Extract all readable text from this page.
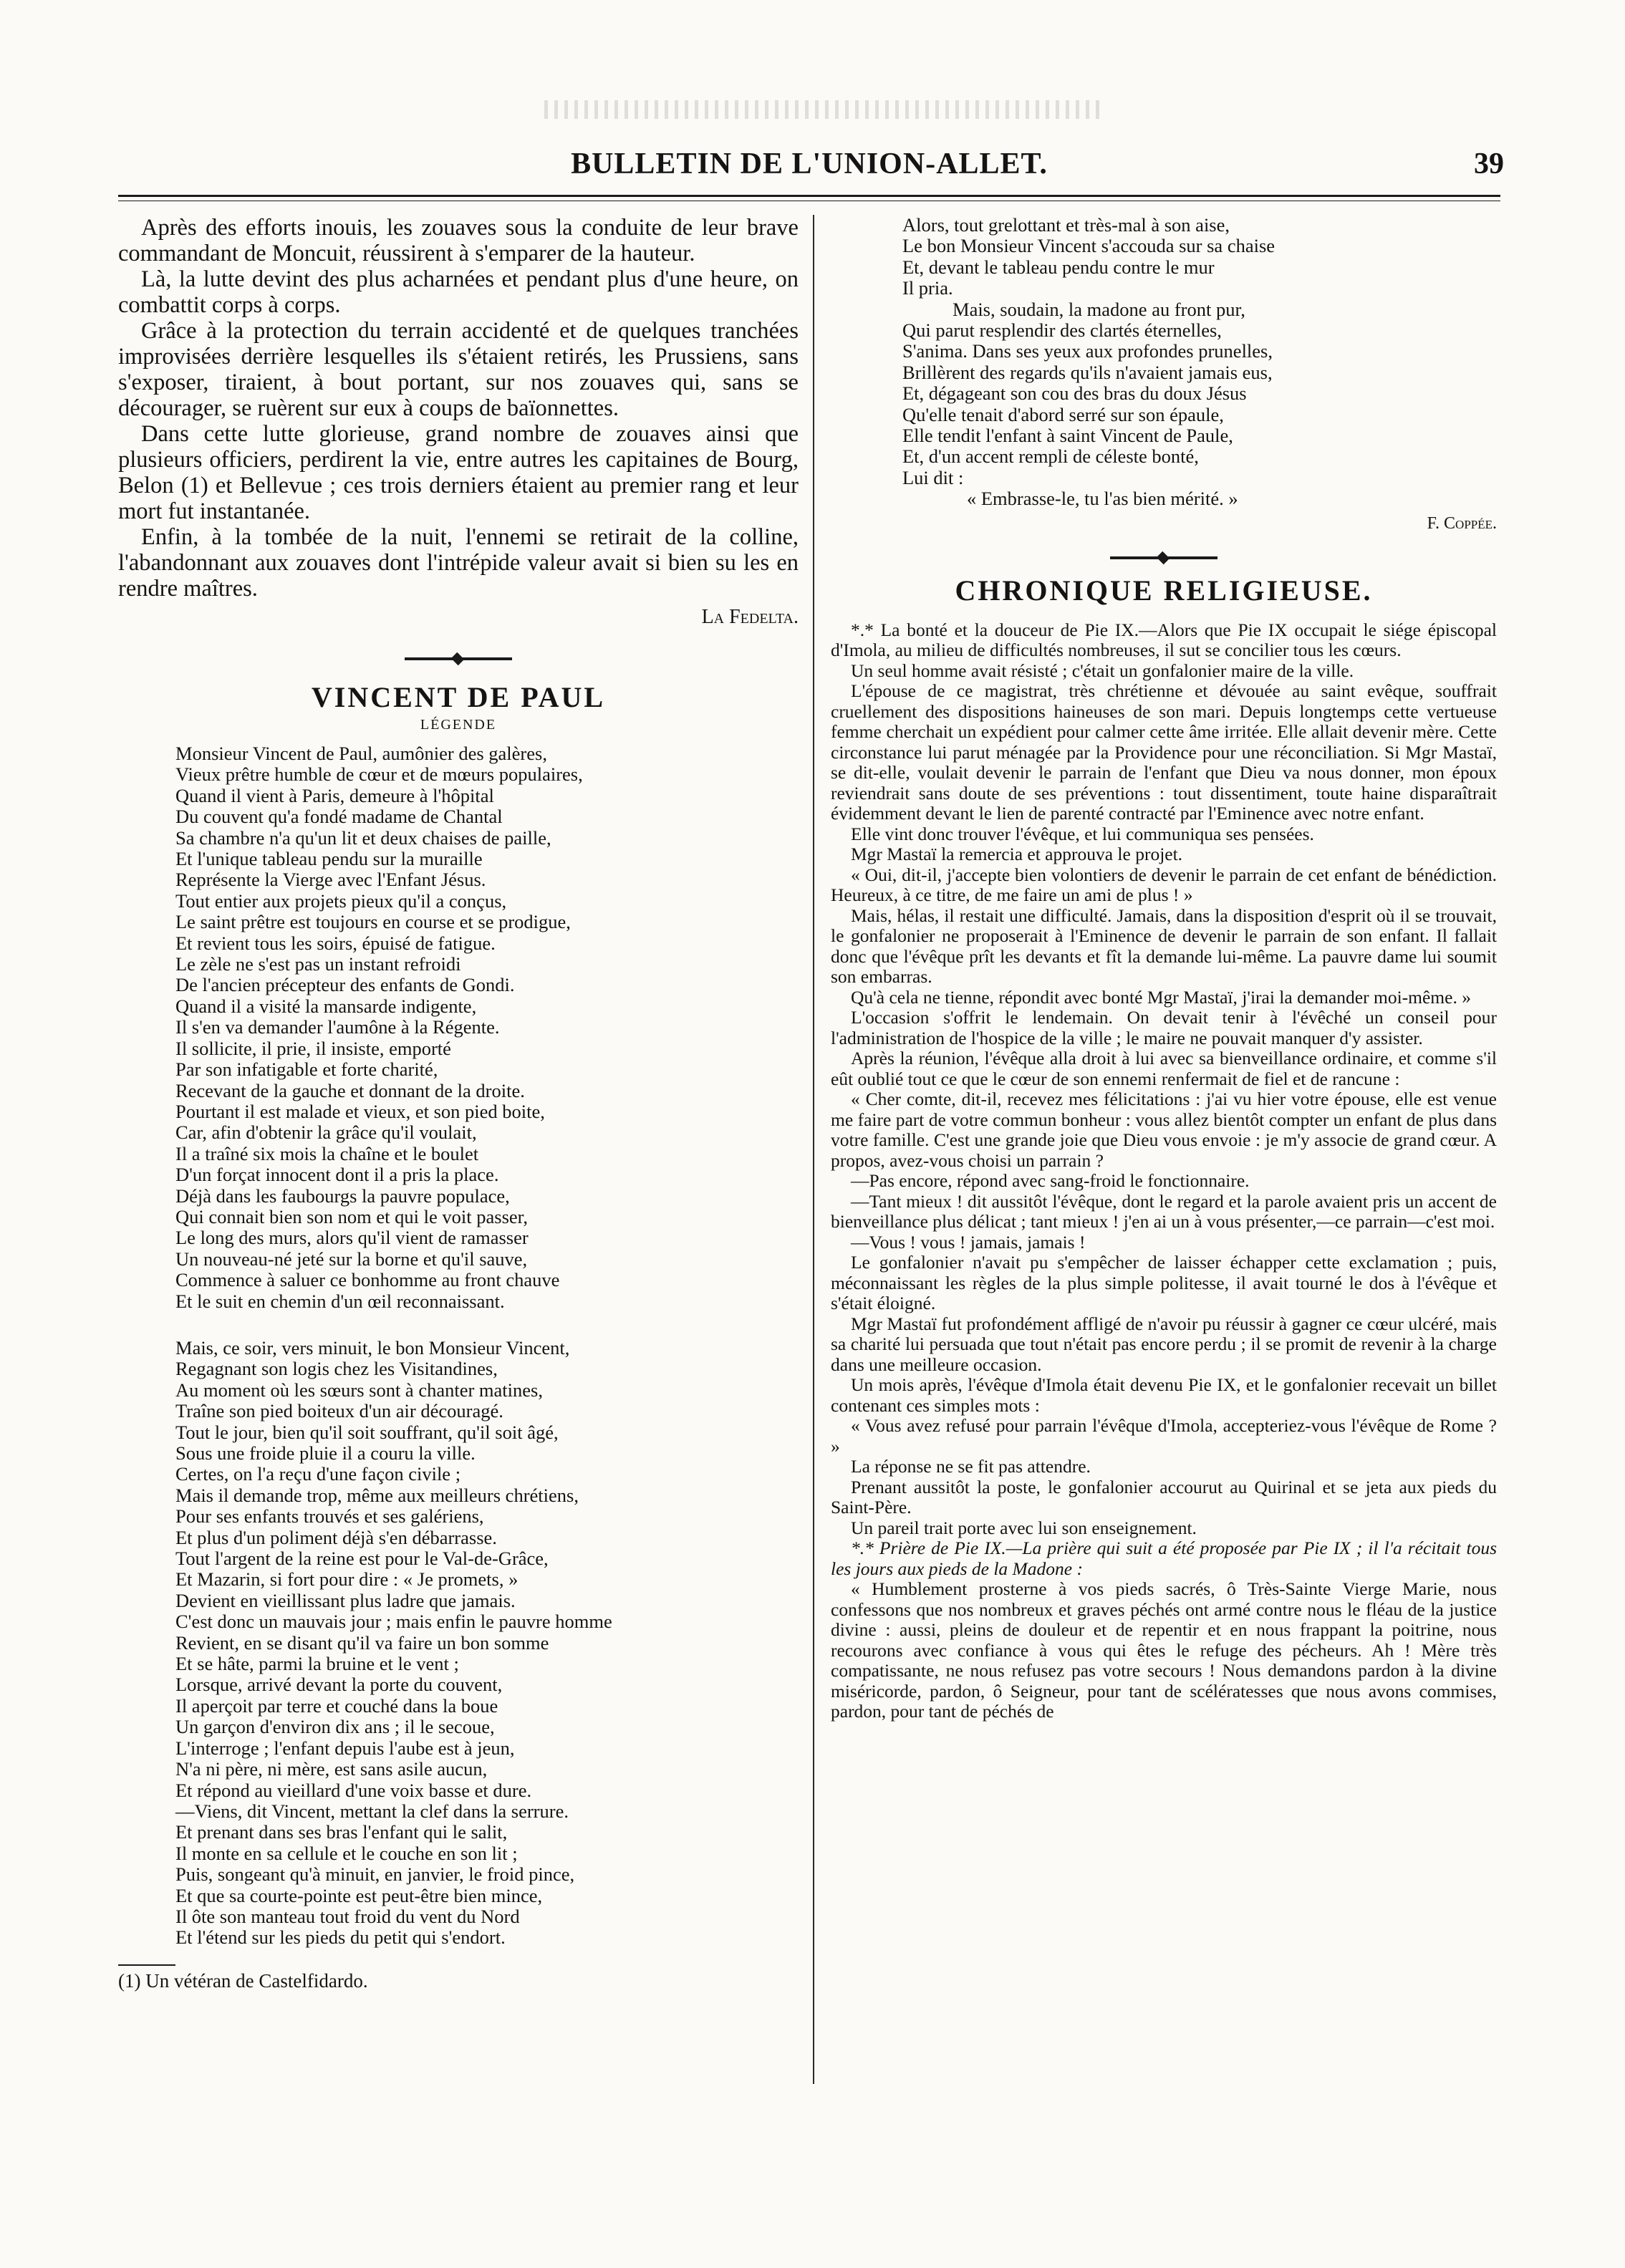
BULLETIN DE L'UNION-ALLET.	39

Après des efforts inouis, les zouaves sous la conduite de leur brave commandant de Moncuit, réussirent à s'emparer de la hauteur.

Là, la lutte devint des plus acharnées et pendant plus d'une heure, on combattit corps à corps.

Grâce à la protection du terrain accidenté et de quelques tranchées improvisées derrière lesquelles ils s'étaient retirés, les Prussiens, sans s'exposer, tiraient, à bout portant, sur nos zouaves qui, sans se décourager, se ruèrent sur eux à coups de baïonnettes.

Dans cette lutte glorieuse, grand nombre de zouaves ainsi que plusieurs officiers, perdirent la vie, entre autres les capitaines de Bourg, Belon (1) et Bellevue ; ces trois derniers étaient au premier rang et leur mort fut instantanée.

Enfin, à la tombée de la nuit, l'ennemi se retirait de la colline, l'abandonnant aux zouaves dont l'intrépide valeur avait si bien su les en rendre maîtres.

La Fedelta.
VINCENT DE PAUL
LÉGENDE
Monsieur Vincent de Paul, aumônier des galères,
Vieux prêtre humble de cœur et de mœurs populaires,
Quand il vient à Paris, demeure à l'hôpital
Du couvent qu'a fondé madame de Chantal
Sa chambre n'a qu'un lit et deux chaises de paille,
Et l'unique tableau pendu sur la muraille
Représente la Vierge avec l'Enfant Jésus.
Tout entier aux projets pieux qu'il a conçus,
Le saint prêtre est toujours en course et se prodigue,
Et revient tous les soirs, épuisé de fatigue.
Le zèle ne s'est pas un instant refroidi
De l'ancien précepteur des enfants de Gondi.
Quand il a visité la mansarde indigente,
Il s'en va demander l'aumône à la Régente.
Il sollicite, il prie, il insiste, emporté
Par son infatigable et forte charité,
Recevant de la gauche et donnant de la droite.
Pourtant il est malade et vieux, et son pied boite,
Car, afin d'obtenir la grâce qu'il voulait,
Il a traîné six mois la chaîne et le boulet
D'un forçat innocent dont il a pris la place.
Déjà dans les faubourgs la pauvre populace,
Qui connait bien son nom et qui le voit passer,
Le long des murs, alors qu'il vient de ramasser
Un nouveau-né jeté sur la borne et qu'il sauve,
Commence à saluer ce bonhomme au front chauve
Et le suit en chemin d'un œil reconnaissant.
Mais, ce soir, vers minuit, le bon Monsieur Vincent,
Regagnant son logis chez les Visitandines,
Au moment où les sœurs sont à chanter matines,
Traîne son pied boiteux d'un air découragé.
Tout le jour, bien qu'il soit souffrant, qu'il soit âgé,
Sous une froide pluie il a couru la ville.
Certes, on l'a reçu d'une façon civile ;
Mais il demande trop, même aux meilleurs chrétiens,
Pour ses enfants trouvés et ses galériens,
Et plus d'un poliment déjà s'en débarrasse.
Tout l'argent de la reine est pour le Val-de-Grâce,
Et Mazarin, si fort pour dire : « Je promets, »
Devient en vieillissant plus ladre que jamais.
C'est donc un mauvais jour ; mais enfin le pauvre homme
Revient, en se disant qu'il va faire un bon somme
Et se hâte, parmi la bruine et le vent ;
Lorsque, arrivé devant la porte du couvent,
Il aperçoit par terre et couché dans la boue
Un garçon d'environ dix ans ; il le secoue,
L'interroge ; l'enfant depuis l'aube est à jeun,
N'a ni père, ni mère, est sans asile aucun,
Et répond au vieillard d'une voix basse et dure.
—Viens, dit Vincent, mettant la clef dans la serrure.
Et prenant dans ses bras l'enfant qui le salit,
Il monte en sa cellule et le couche en son lit ;
Puis, songeant qu'à minuit, en janvier, le froid pince,
Et que sa courte-pointe est peut-être bien mince,
Il ôte son manteau tout froid du vent du Nord
Et l'étend sur les pieds du petit qui s'endort.
(1) Un vétéran de Castelfidardo.
Alors, tout grelottant et très-mal à son aise,
Le bon Monsieur Vincent s'accouda sur sa chaise
Et, devant le tableau pendu contre le mur
Il pria.
Mais, soudain, la madone au front pur,
Qui parut resplendir des clartés éternelles,
S'anima. Dans ses yeux aux profondes prunelles,
Brillèrent des regards qu'ils n'avaient jamais eus,
Et, dégageant son cou des bras du doux Jésus
Qu'elle tenait d'abord serré sur son épaule,
Elle tendit l'enfant à saint Vincent de Paule,
Et, d'un accent rempli de céleste bonté,
Lui dit :
« Embrasse-le, tu l'as bien mérité. »
F. Coppée.
CHRONIQUE RELIGIEUSE.

*.* La bonté et la douceur de Pie IX.—Alors que Pie IX occupait le siége épiscopal d'Imola, au milieu de difficultés nombreuses, il sut se concilier tous les cœurs.

Un seul homme avait résisté ; c'était un gonfalonier maire de la ville.

L'épouse de ce magistrat, très chrétienne et dévouée au saint evêque, souffrait cruellement des dispositions haineuses de son mari. Depuis longtemps cette vertueuse femme cherchait un expédient pour calmer cette âme irritée. Elle allait devenir mère. Cette circonstance lui parut ménagée par la Providence pour une réconciliation. Si Mgr Mastaï, se dit-elle, voulait devenir le parrain de l'enfant que Dieu va nous donner, mon époux reviendrait sans doute de ses préventions : tout dissentiment, toute haine disparaîtrait évidemment devant le lien de parenté contracté par l'Eminence avec notre enfant.

Elle vint donc trouver l'évêque, et lui communiqua ses pensées.

Mgr Mastaï la remercia et approuva le projet.

« Oui, dit-il, j'accepte bien volontiers de devenir le parrain de cet enfant de bénédiction. Heureux, à ce titre, de me faire un ami de plus ! »

Mais, hélas, il restait une difficulté. Jamais, dans la disposition d'esprit où il se trouvait, le gonfalonier ne proposerait à l'Eminence de devenir le parrain de son enfant. Il fallait donc que l'évêque prît les devants et fît la demande lui-même. La pauvre dame lui soumit son embarras.

Qu'à cela ne tienne, répondit avec bonté Mgr Mastaï, j'irai la demander moi-même. »

L'occasion s'offrit le lendemain. On devait tenir à l'évêché un conseil pour l'administration de l'hospice de la ville ; le maire ne pouvait manquer d'y assister.

Après la réunion, l'évêque alla droit à lui avec sa bienveillance ordinaire, et comme s'il eût oublié tout ce que le cœur de son ennemi renfermait de fiel et de rancune :

« Cher comte, dit-il, recevez mes félicitations : j'ai vu hier votre épouse, elle est venue me faire part de votre commun bonheur : vous allez bientôt compter un enfant de plus dans votre famille. C'est une grande joie que Dieu vous envoie : je m'y associe de grand cœur. A propos, avez-vous choisi un parrain ?

—Pas encore, répond avec sang-froid le fonctionnaire.

—Tant mieux ! dit aussitôt l'évêque, dont le regard et la parole avaient pris un accent de bienveillance plus délicat ; tant mieux ! j'en ai un à vous présenter,—ce parrain—c'est moi.

—Vous ! vous ! jamais, jamais !

Le gonfalonier n'avait pu s'empêcher de laisser échapper cette exclamation ; puis, méconnaissant les règles de la plus simple politesse, il avait tourné le dos à l'évêque et s'était éloigné.

Mgr Mastaï fut profondément affligé de n'avoir pu réussir à gagner ce cœur ulcéré, mais sa charité lui persuada que tout n'était pas encore perdu ; il se promit de revenir à la charge dans une meilleure occasion.

Un mois après, l'évêque d'Imola était devenu Pie IX, et le gonfalonier recevait un billet contenant ces simples mots :

« Vous avez refusé pour parrain l'évêque d'Imola, accepteriez-vous l'évêque de Rome ? »

La réponse ne se fit pas attendre.

Prenant aussitôt la poste, le gonfalonier accourut au Quirinal et se jeta aux pieds du Saint-Père.

Un pareil trait porte avec lui son enseignement.

*.* Prière de Pie IX.—La prière qui suit a été proposée par Pie IX ; il l'a récitait tous les jours aux pieds de la Madone :

« Humblement prosterne à vos pieds sacrés, ô Très-Sainte Vierge Marie, nous confessons que nos nombreux et graves péchés ont armé contre nous le fléau de la justice divine : aussi, pleins de douleur et de repentir et en nous frappant la poitrine, nous recourons avec confiance à vous qui êtes le refuge des pécheurs. Ah ! Mère très compatissante, ne nous refusez pas votre secours ! Nous demandons pardon à la divine miséricorde, pardon, ô Seigneur, pour tant de scélératesses que nous avons commises, pardon, pour tant de péchés de
